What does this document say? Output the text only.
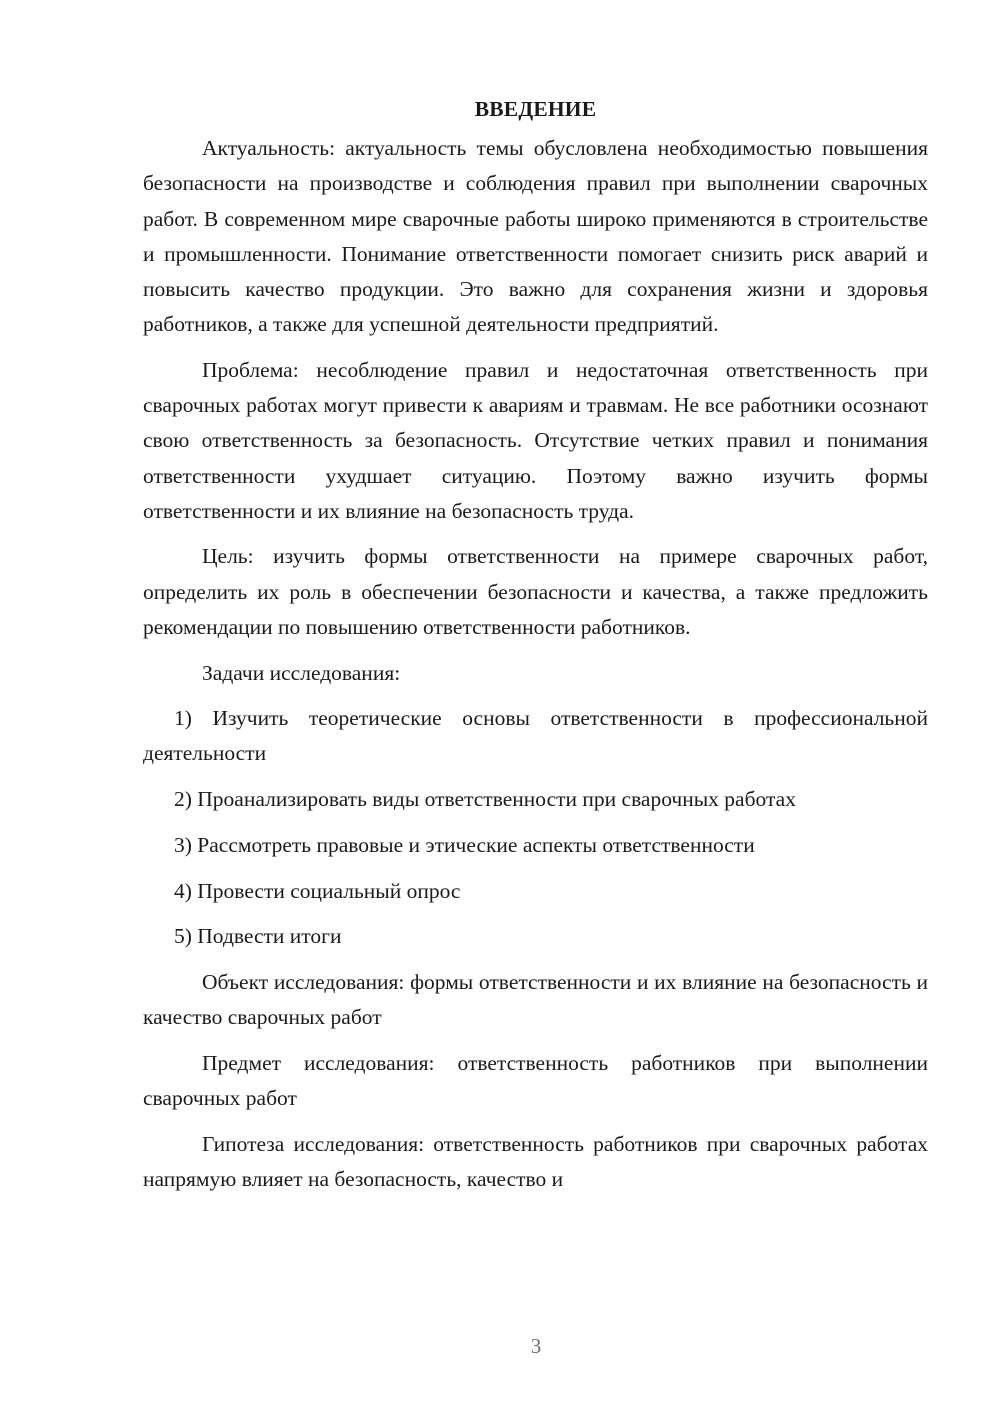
ВВЕДЕНИЕ

Актуальность: актуальность темы обусловлена необходимостью повышения безопасности на производстве и соблюдения правил при выполнении сварочных работ. В современном мире сварочные работы широко применяются в строительстве и промышленности. Понимание ответственности помогает снизить риск аварий и повысить качество продукции. Это важно для сохранения жизни и здоровья работников, а также для успешной деятельности предприятий.

Проблема: несоблюдение правил и недостаточная ответственность при сварочных работах могут привести к авариям и травмам. Не все работники осознают свою ответственность за безопасность. Отсутствие четких правил и понимания ответственности ухудшает ситуацию. Поэтому важно изучить формы ответственности и их влияние на безопасность труда.

Цель: изучить формы ответственности на примере сварочных работ, определить их роль в обеспечении безопасности и качества, а также предложить рекомендации по повышению ответственности работников.

Задачи исследования:

1) Изучить теоретические основы ответственности в профессиональной деятельности

2) Проанализировать виды ответственности при сварочных работах

3) Рассмотреть правовые и этические аспекты ответственности

4) Провести социальный опрос

5) Подвести итоги

Объект исследования: формы ответственности и их влияние на безопасность и качество сварочных работ

Предмет исследования: ответственность работников при выполнении сварочных работ

Гипотеза исследования: ответственность работников при сварочных работах напрямую влияет на безопасность, качество и

3
